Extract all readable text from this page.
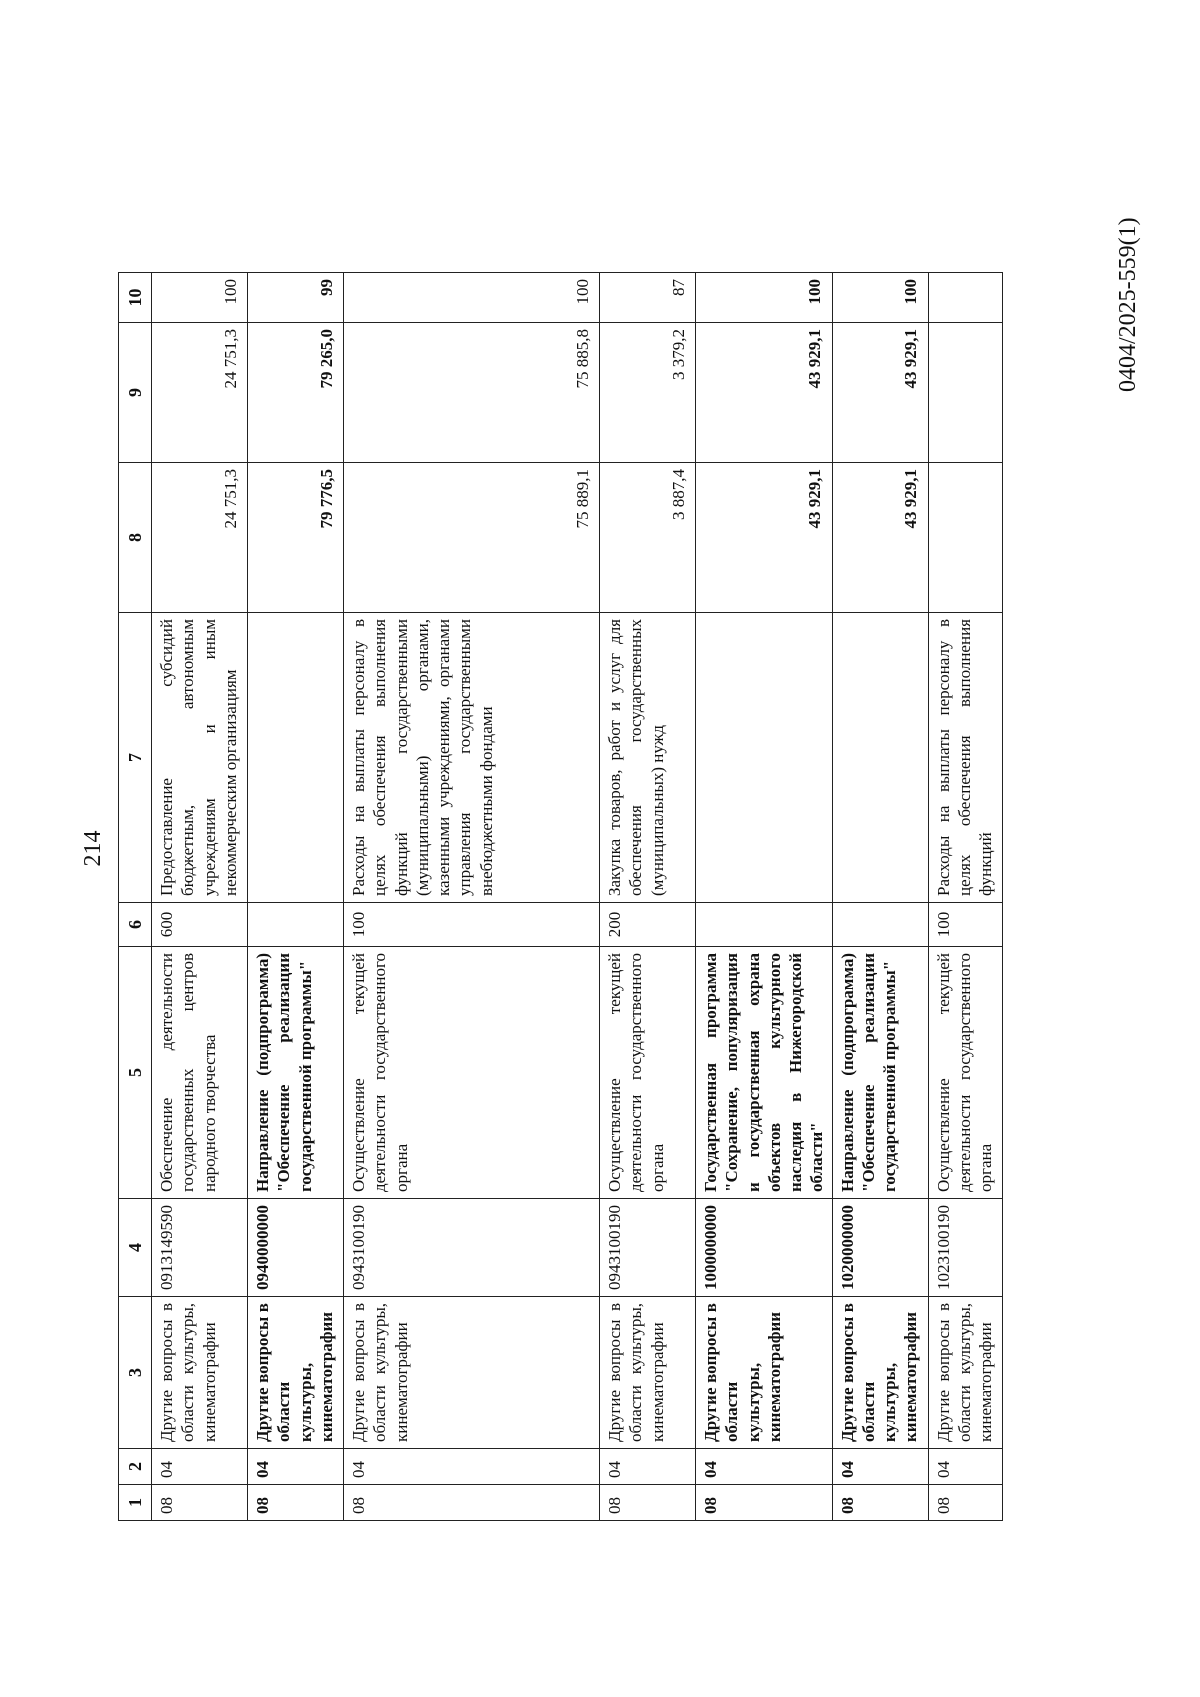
214
1	2	3	4	5	6	7	8	9	10
08	04	Другие вопросы в области культуры, кинематографии	0913149590	Обеспечение деятельности государственных центров народного творчества	600	Предоставление субсидий бюджетным, автономным учреждениям и иным некоммерческим организациям	24 751,3	24 751,3	100
08	04	Другие вопросы в области культуры, кинематографии	0940000000	Направление (подпрограмма) "Обеспечение реализации государственной программы"			79 776,5	79 265,0	99
08	04	Другие вопросы в области культуры, кинематографии	0943100190	Осуществление текущей деятельности государственного органа	100	Расходы на выплаты персоналу в целях обеспечения выполнения функций государственными (муниципальными) органами, казенными учреждениями, органами управления государственными внебюджетными фондами	75 889,1	75 885,8	100
08	04	Другие вопросы в области культуры, кинематографии	0943100190	Осуществление текущей деятельности государственного органа	200	Закупка товаров, работ и услуг для обеспечения государственных (муниципальных) нужд	3 887,4	3 379,2	87
08	04	Другие вопросы в области культуры, кинематографии	1000000000	Государственная программа "Сохранение, популяризация и государственная охрана объектов культурного наследия в Нижегородской области"			43 929,1	43 929,1	100
08	04	Другие вопросы в области культуры, кинематографии	1020000000	Направление (подпрограмма) "Обеспечение реализации государственной программы"			43 929,1	43 929,1	100
08	04	Другие вопросы в области культуры, кинематографии	1023100190	Осуществление текущей деятельности государственного органа	100	Расходы на выплаты персоналу в целях обеспечения выполнения функций			
0404/2025-559(1)
